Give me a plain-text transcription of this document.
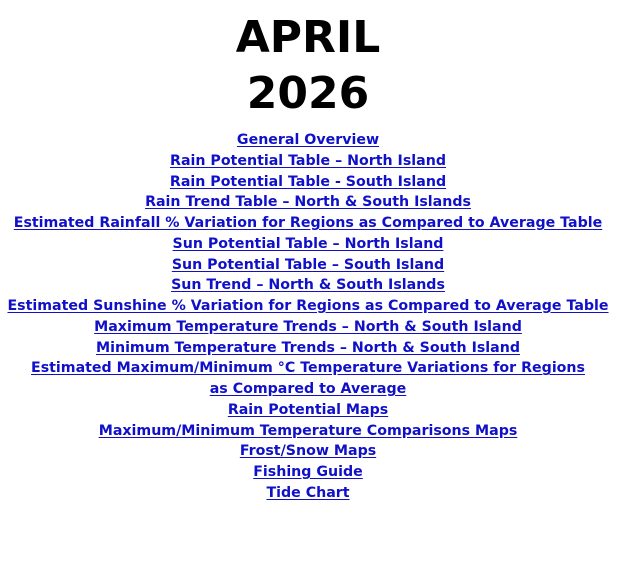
APRIL
2026
General Overview
Rain Potential Table – North Island
Rain Potential Table - South Island
Rain Trend Table – North & South Islands
Estimated Rainfall % Variation for Regions as Compared to Average Table
Sun Potential Table – North Island
Sun Potential Table – South Island
Sun Trend – North & South Islands
Estimated Sunshine % Variation for Regions as Compared to Average Table
Maximum Temperature Trends – North & South Island
Minimum Temperature Trends – North & South Island
Estimated Maximum/Minimum °C Temperature Variations for Regions
as Compared to Average
Rain Potential Maps
Maximum/Minimum Temperature Comparisons Maps
Frost/Snow Maps
Fishing Guide
Tide Chart
